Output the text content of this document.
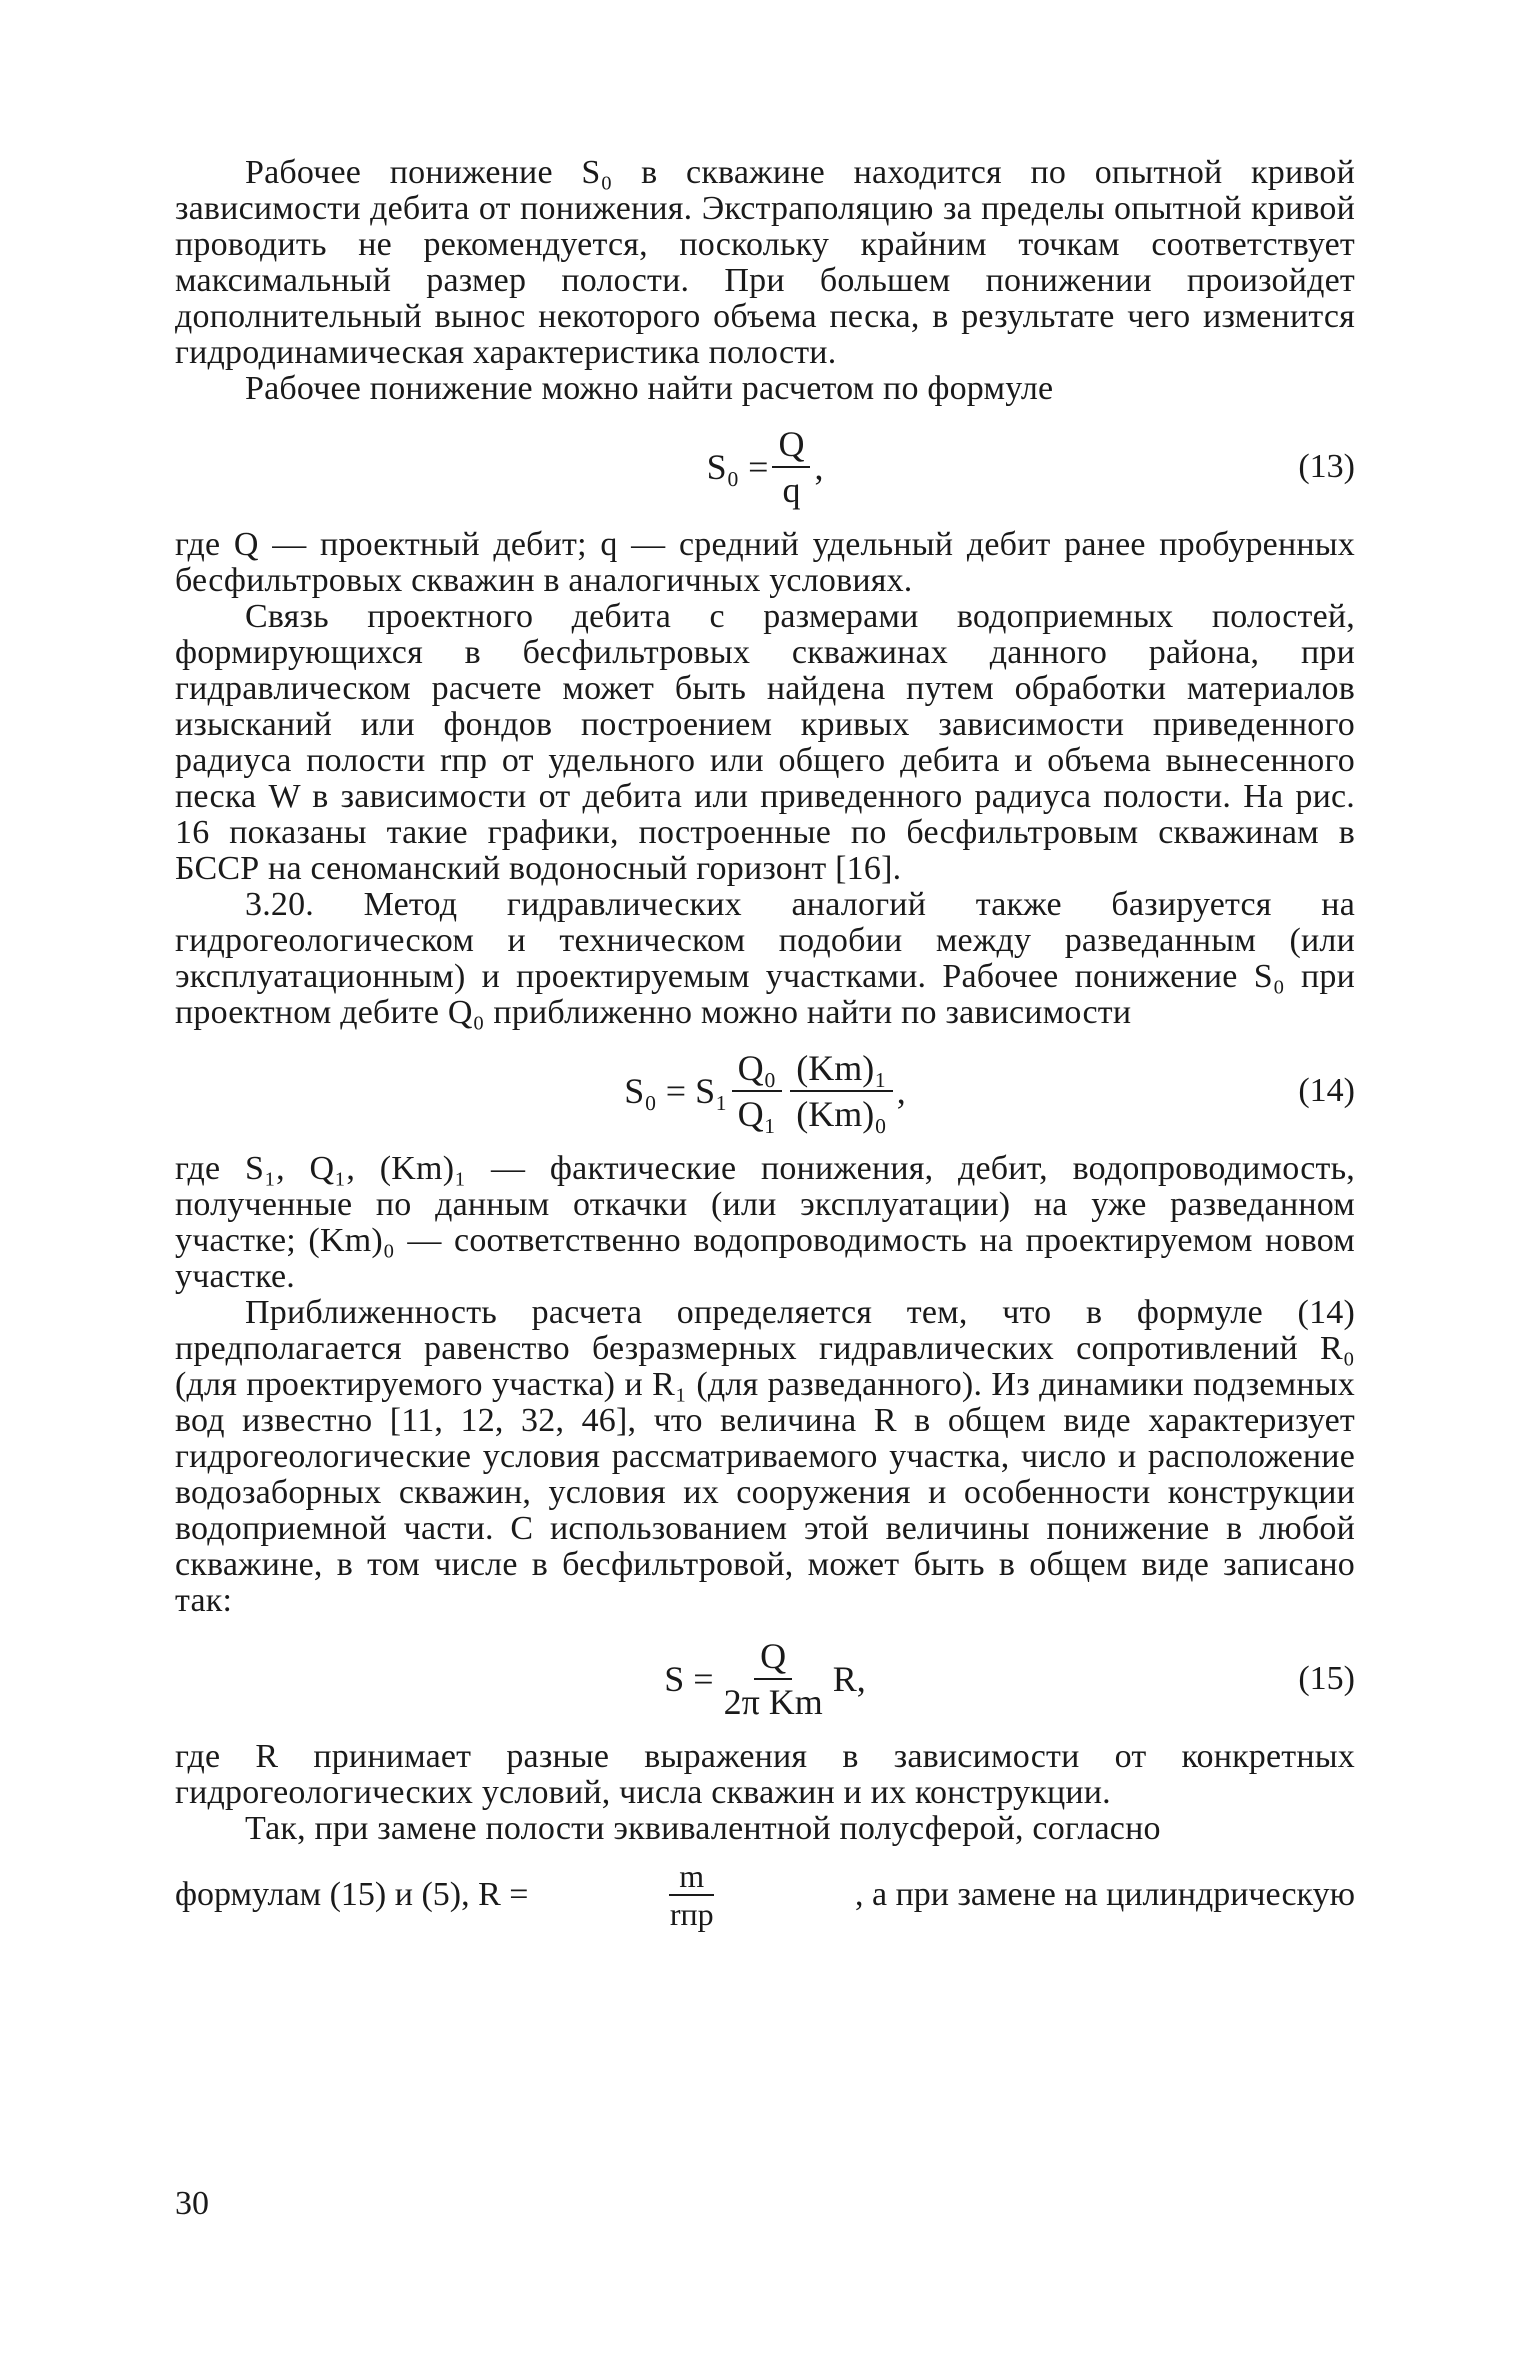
Рабочее понижение S₀ в скважине находится по опытной кривой зависимости дебита от понижения. Экстраполяцию за пределы опытной кривой проводить не рекомендуется, поскольку крайним точкам соответствует максимальный размер полости. При большем понижении произойдет дополнительный вынос некоторого объема песка, в результате чего изменится гидродинамическая характеристика полости.

Рабочее понижение можно найти расчетом по формуле

$S_0 = \frac{Q}{q}$ ,	(13)

где Q — проектный дебит; q — средний удельный дебит ранее пробуренных бесфильтровых скважин в аналогичных условиях.

Связь проектного дебита с размерами водоприемных полостей, формирующихся в бесфильтровых скважинах данного района, при гидравлическом расчете может быть найдена путем обработки материалов изысканий или фондов построением кривых зависимости приведенного радиуса полости rпр от удельного или общего дебита и объема вынесенного песка W в зависимости от дебита или приведенного радиуса полости. На рис. 16 показаны такие графики, построенные по бесфильтровым скважинам в БССР на сеноманский водоносный горизонт [16].

3.20. Метод гидравлических аналогий также базируется на гидрогеологическом и техническом подобии между разведанным (или эксплуатационным) и проектируемым участками. Рабочее понижение S₀ при проектном дебите Q₀ приближенно можно найти по зависимости

$S_0 = S_1 \frac{\text{Q₀}}{\text{Q₁}} \frac{\text{(Km)₁}}{\text{(Km)₀}}$ ,	(14)

где S₁, Q₁, (Km)₁ — фактические понижения, дебит, водопроводимость, полученные по данным откачки (или эксплуатации) на уже разведанном участке; (Km)₀ — соответственно водопроводимость на проектируемом новом участке.

Приближенность расчета определяется тем, что в формуле (14) предполагается равенство безразмерных гидравлических сопротивлений R₀ (для проектируемого участка) и R₁ (для разведанного). Из динамики подземных вод известно [11, 12, 32, 46], что величина R в общем виде характеризует гидрогеологические условия рассматриваемого участка, число и расположение водозаборных скважин, условия их сооружения и особенности конструкции водоприемной части. С использованием этой величины понижение в любой скважине, в том числе в бесфильтровой, может быть в общем виде записано так:

$S = \frac{Q}{\text{2π Km}} R$,	(15)

где R принимает разные выражения в зависимости от конкретных гидрогеологических условий, числа скважин и их конструкции.

Так, при замене полости эквивалентной полусферой, согласно

формулам (15) и (5), R =	$\frac{m}{\text{rпр}}$	, а при замене на цилиндрическую
30
